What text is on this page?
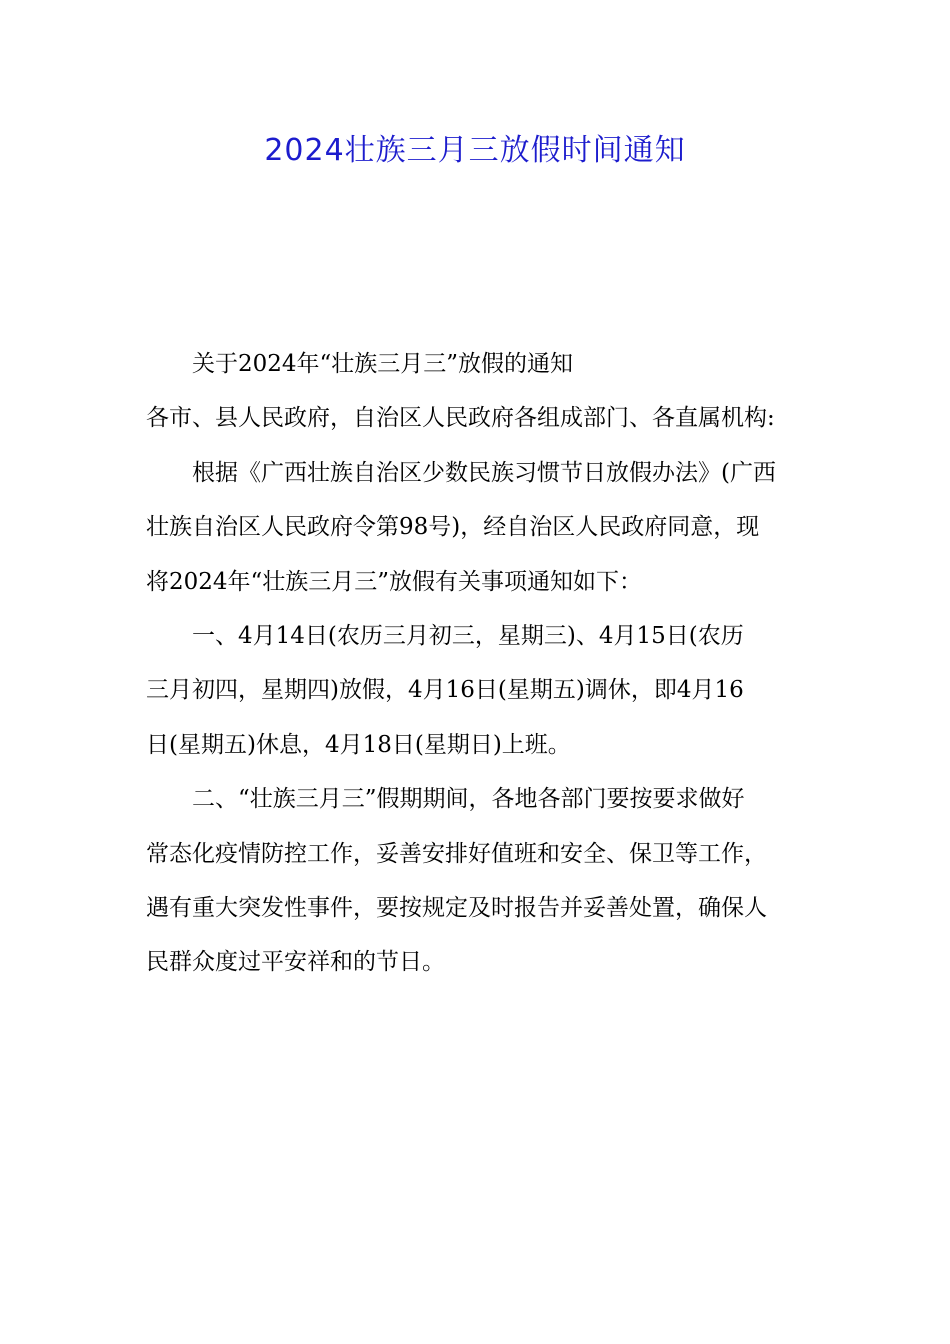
2024壮族三月三放假时间通知

关于2024年“壮族三月三”放假的通知

各市、县人民政府，自治区人民政府各组成部门、各直属机构:

根据《广西壮族自治区少数民族习惯节日放假办法》(广西
壮族自治区人民政府令第98号)，经自治区人民政府同意，现
将2024年“壮族三月三”放假有关事项通知如下：

一、4月14日(农历三月初三，星期三)、4月15日(农历
三月初四，星期四)放假，4月16日(星期五)调休，即4月16
日(星期五)休息，4月18日(星期日)上班。

二、“壮族三月三”假期期间，各地各部门要按要求做好
常态化疫情防控工作，妥善安排好值班和安全、保卫等工作，
遇有重大突发性事件，要按规定及时报告并妥善处置，确保人
民群众度过平安祥和的节日。
